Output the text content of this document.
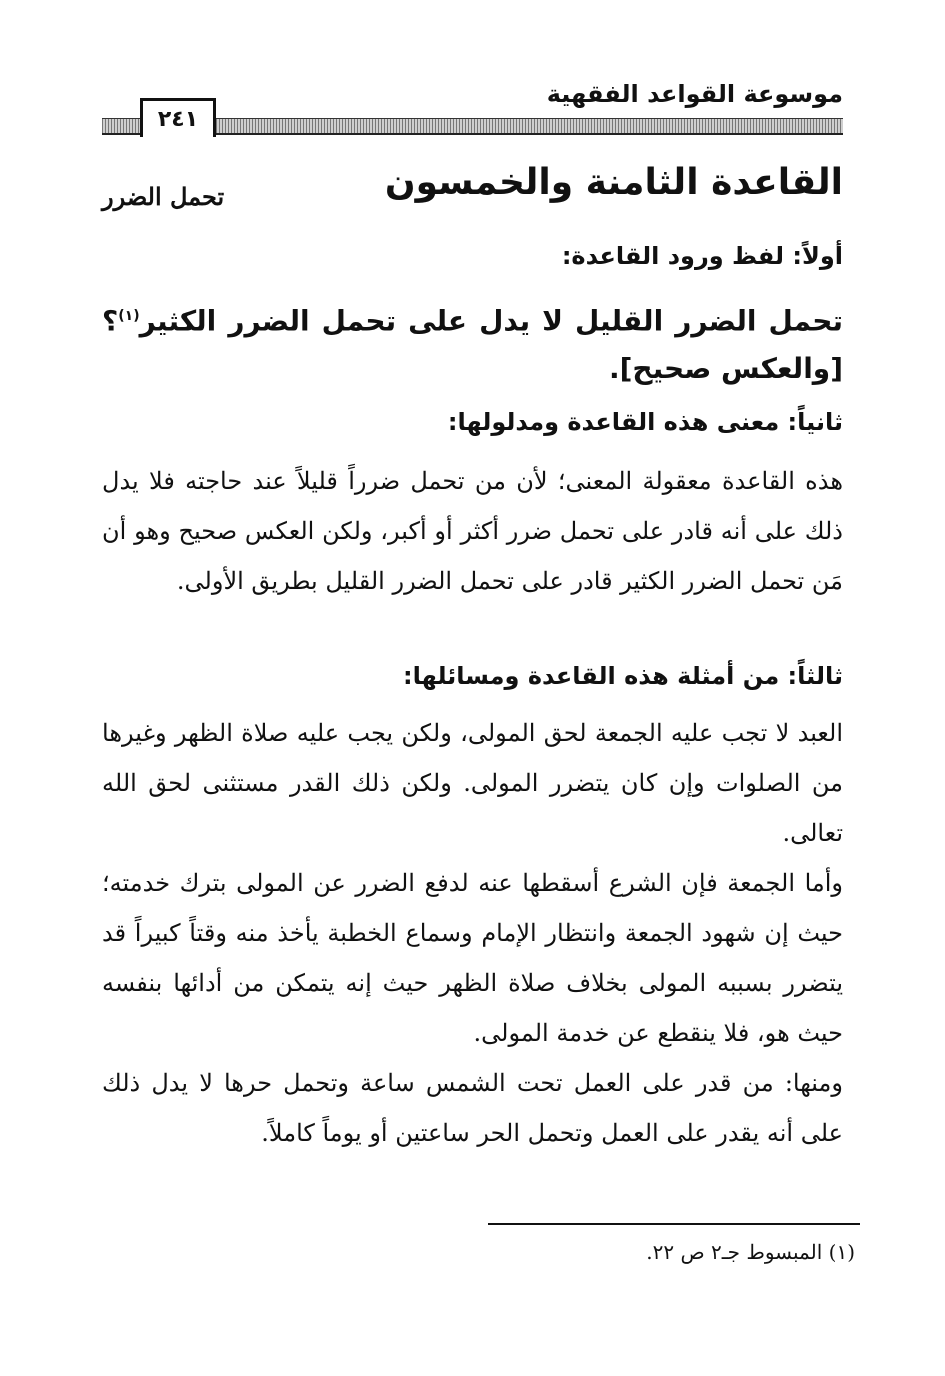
موسوعة القواعد الفقهية
٢٤١
القاعدة الثامنة والخمسون
تحمل الضرر
أولاً: لفظ ورود القاعدة:
تحمل الضرر القليل لا يدل على تحمل الضرر الكثير$^{(١)}$؟ [والعكس صحيح].
ثانياً: معنى هذه القاعدة ومدلولها:
هذه القاعدة معقولة المعنى؛ لأن من تحمل ضرراً قليلاً عند حاجته فلا يدل ذلك على أنه قادر على تحمل ضرر أكثر أو أكبر، ولكن العكس صحيح وهو أن مَن تحمل الضرر الكثير قادر على تحمل الضرر القليل بطريق الأولى.
ثالثاً: من أمثلة هذه القاعدة ومسائلها:
العبد لا تجب عليه الجمعة لحق المولى، ولكن يجب عليه صلاة الظهر وغيرها من الصلوات وإن كان يتضرر المولى. ولكن ذلك القدر مستثنى لحق الله تعالى.
وأما الجمعة فإن الشرع أسقطها عنه لدفع الضرر عن المولى بترك خدمته؛ حيث إن شهود الجمعة وانتظار الإمام وسماع الخطبة يأخذ منه وقتاً كبيراً قد يتضرر بسببه المولى بخلاف صلاة الظهر حيث إنه يتمكن من أدائها بنفسه حيث هو، فلا ينقطع عن خدمة المولى.
ومنها: من قدر على العمل تحت الشمس ساعة وتحمل حرها لا يدل ذلك على أنه يقدر على العمل وتحمل الحر ساعتين أو يوماً كاملاً.
(١) المبسوط جـ٢ ص ٢٢.
